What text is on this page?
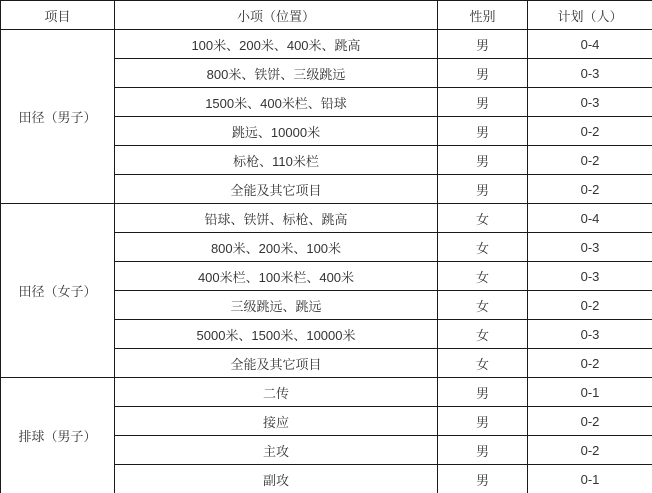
项目	小项（位置）	性别	计划（人）
田径（男子）	100米、200米、400米、跳高	男	0-4
	800米、铁饼、三级跳远	男	0-3
	1500米、400米栏、铅球	男	0-3
	跳远、10000米	男	0-2
	标枪、110米栏	男	0-2
	全能及其它项目	男	0-2
田径（女子）	铅球、铁饼、标枪、跳高	女	0-4
	800米、200米、100米	女	0-3
	400米栏、100米栏、400米	女	0-3
	三级跳远、跳远	女	0-2
	5000米、1500米、10000米	女	0-3
	全能及其它项目	女	0-2
排球（男子）	二传	男	0-1
	接应	男	0-2
	主攻	男	0-2
	副攻	男	0-1
